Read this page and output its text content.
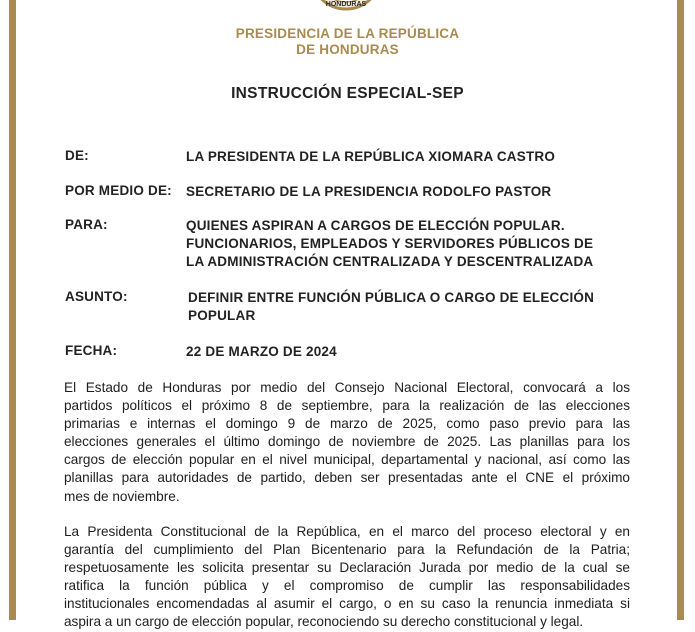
HONDURAS
PRESIDENCIA DE LA REPÚBLICA
DE HONDURAS
INSTRUCCIÓN ESPECIAL-SEP
DE:	LA PRESIDENTA DE LA REPÚBLICA XIOMARA CASTRO
POR MEDIO DE: SECRETARIO DE LA PRESIDENCIA RODOLFO PASTOR
PARA:	QUIENES ASPIRAN A CARGOS DE ELECCIÓN POPULAR.
FUNCIONARIOS, EMPLEADOS Y SERVIDORES PÚBLICOS DE
LA ADMINISTRACIÓN CENTRALIZADA Y DESCENTRALIZADA
ASUNTO:	DEFINIR ENTRE FUNCIÓN PÚBLICA O CARGO DE ELECCIÓN
POPULAR
FECHA:	22 DE MARZO DE 2024
El Estado de Honduras por medio del Consejo Nacional Electoral, convocará a los
partidos políticos el próximo 8 de septiembre, para la realización de las elecciones
primarias e internas el domingo 9 de marzo de 2025, como paso previo para las
elecciones generales el último domingo de noviembre de 2025. Las planillas para los
cargos de elección popular en el nivel municipal, departamental y nacional, así como las
planillas para autoridades de partido, deben ser presentadas ante el CNE el próximo
mes de noviembre.
La Presidenta Constitucional de la República, en el marco del proceso electoral y en
garantía del cumplimiento del Plan Bicentenario para la Refundación de la Patria;
respetuosamente les solicita presentar su Declaración Jurada por medio de la cual se
ratifica la función pública y el compromiso de cumplir las responsabilidades
institucionales encomendadas al asumir el cargo, o en su caso la renuncia inmediata si
aspira a un cargo de elección popular, reconociendo su derecho constitucional y legal.
